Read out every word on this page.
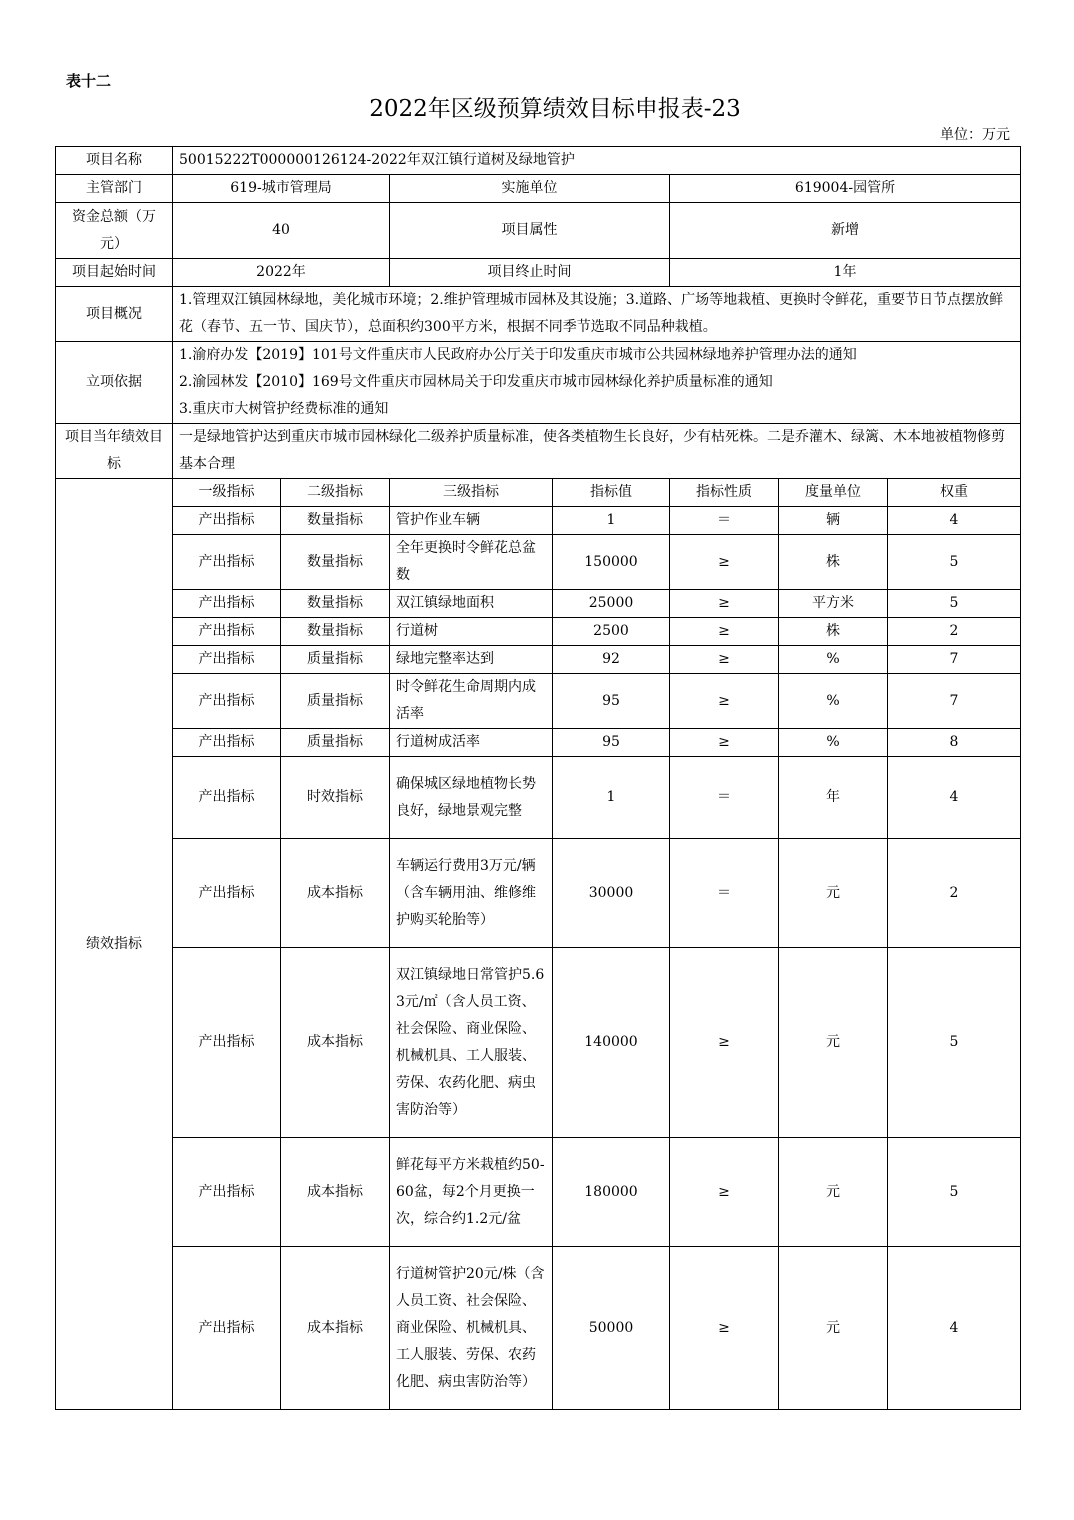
表十二
2022年区级预算绩效目标申报表-23
单位：万元
项目名称	50015222T000000126124-2022年双江镇行道树及绿地管护						
主管部门	619-城市管理局		实施单位		619004-园管所		
资金总额（万元）	40		项目属性		新增		
项目起始时间	2022年		项目终止时间		1年		
项目概况	1.管理双江镇园林绿地，美化城市环境；2.维护管理城市园林及其设施；3.道路、广场等地栽植、更换时令鲜花，重要节日节点摆放鲜花（春节、五一节、国庆节），总面积约300平方米，根据不同季节选取不同品种栽植。						
立项依据	1.渝府办发【2019】101号文件重庆市人民政府办公厅关于印发重庆市城市公共园林绿地养护管理办法的通知
2.渝园林发【2010】169号文件重庆市园林局关于印发重庆市城市园林绿化养护质量标准的通知
3.重庆市大树管护经费标准的通知						

项目当年绩效目标	一是绿地管护达到重庆市城市园林绿化二级养护质量标准，使各类植物生长良好，少有枯死株。二是乔灌木、绿篱、木本地被植物修剪基本合理						
绩效指标	一级指标	二级指标	三级指标	指标值	指标性质	度量单位	权重
	产出指标	数量指标	管护作业车辆	1	＝	辆	4
	产出指标	数量指标	全年更换时令鲜花总盆数	150000	≥	株	5
	产出指标	数量指标	双江镇绿地面积	25000	≥	平方米	5
	产出指标	数量指标	行道树	2500	≥	株	2
	产出指标	质量指标	绿地完整率达到	92	≥	%	7
	产出指标	质量指标	时令鲜花生命周期内成活率	95	≥	%	7
	产出指标	质量指标	行道树成活率	95	≥	%	8
	产出指标	时效指标	确保城区绿地植物长势良好，绿地景观完整	1	＝	年	4
	产出指标	成本指标	车辆运行费用3万元/辆（含车辆用油、维修维护购买轮胎等）	30000	＝	元	2
	产出指标	成本指标	双江镇绿地日常管护5.63元/㎡（含人员工资、社会保险、商业保险、机械机具、工人服装、劳保、农药化肥、病虫害防治等）	140000	≥	元	5
	产出指标	成本指标	鲜花每平方米栽植约50-60盆，每2个月更换一次，综合约1.2元/盆	180000	≥	元	5
	产出指标	成本指标	行道树管护20元/株（含人员工资、社会保险、商业保险、机械机具、工人服装、劳保、农药化肥、病虫害防治等）	50000	≥	元	4
